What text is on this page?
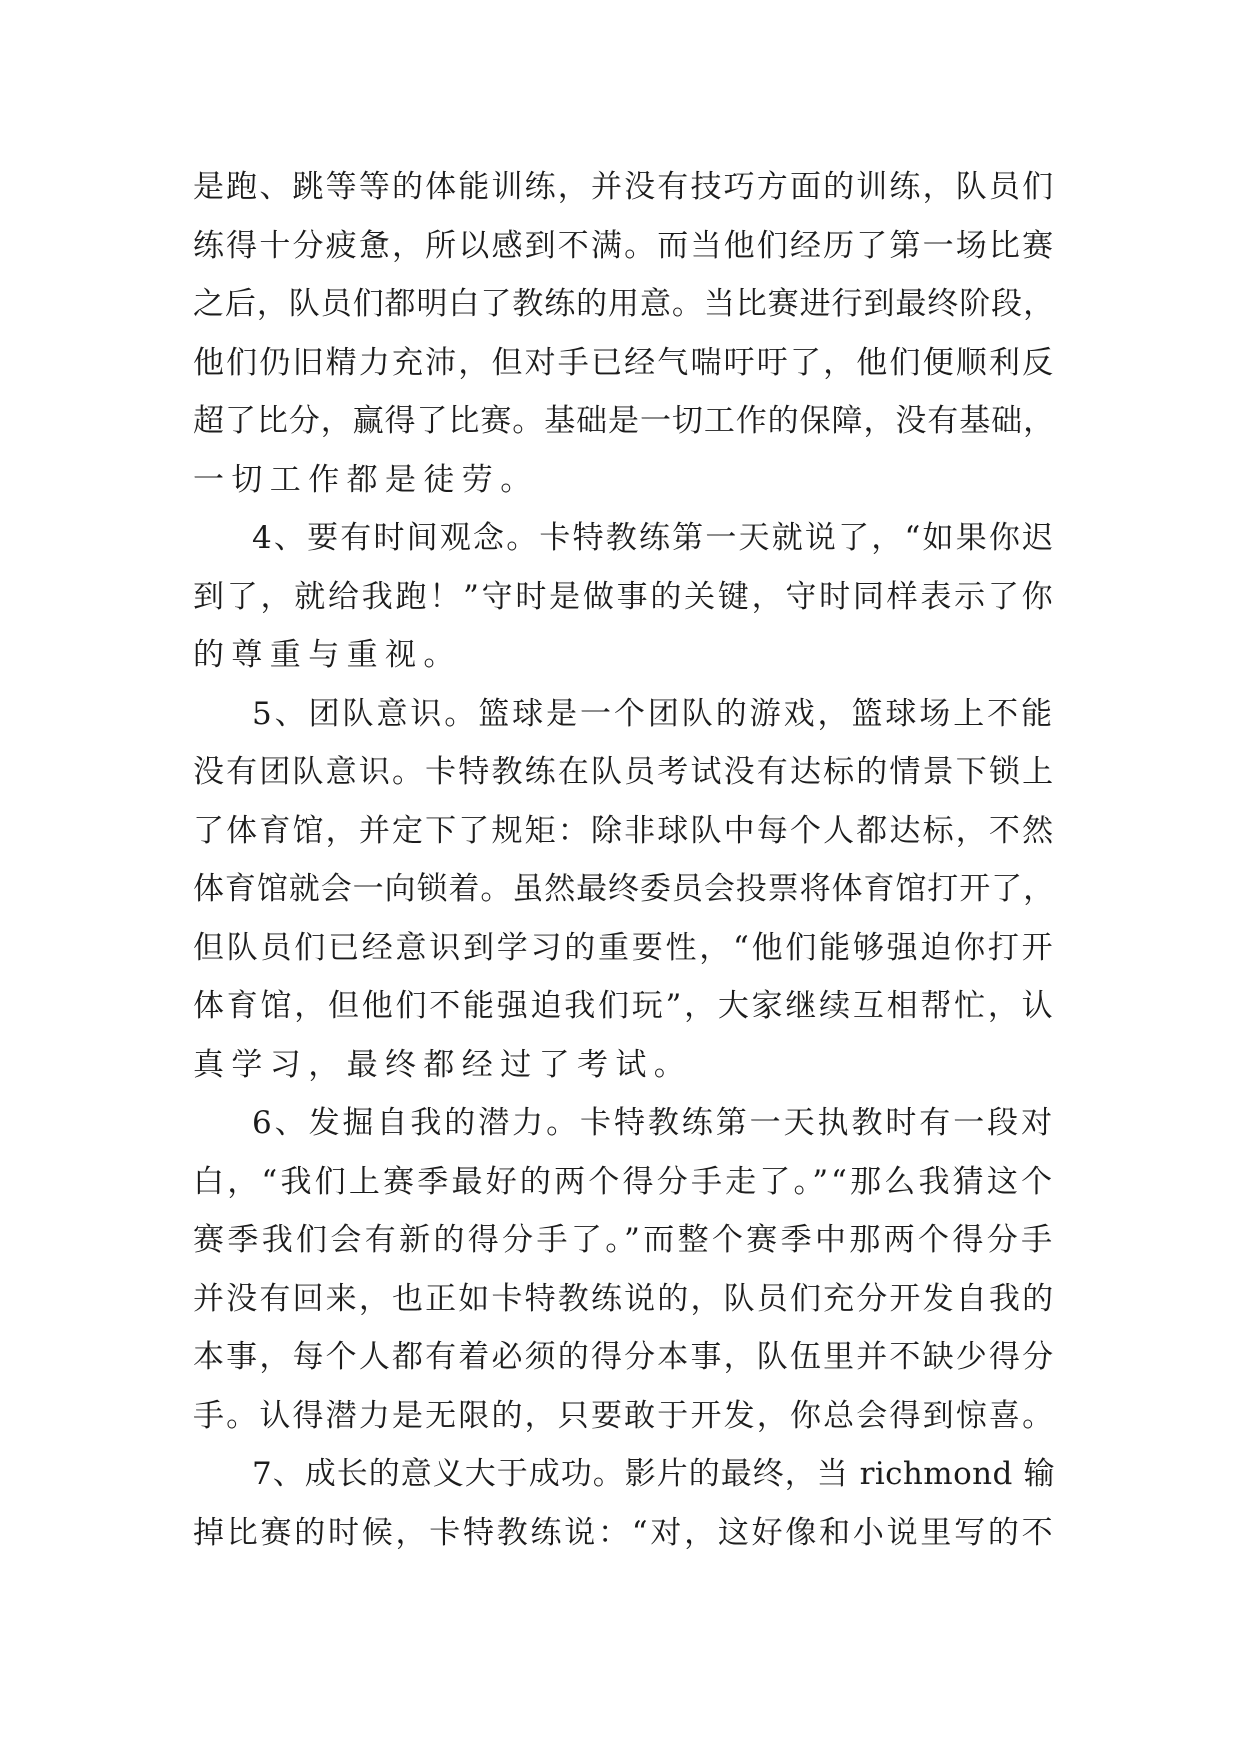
是跑、跳等等的体能训练，并没有技巧方面的训练，队员们
练得十分疲惫，所以感到不满。而当他们经历了第一场比赛
之后，队员们都明白了教练的用意。当比赛进行到最终阶段，
他们仍旧精力充沛，但对手已经气喘吁吁了，他们便顺利反
超了比分，赢得了比赛。基础是一切工作的保障，没有基础，
一切工作都是徒劳。
4、要有时间观念。卡特教练第一天就说了，“如果你迟
到了，就给我跑！”守时是做事的关键，守时同样表示了你
的尊重与重视。
5、团队意识。篮球是一个团队的游戏，篮球场上不能
没有团队意识。卡特教练在队员考试没有达标的情景下锁上
了体育馆，并定下了规矩：除非球队中每个人都达标，不然
体育馆就会一向锁着。虽然最终委员会投票将体育馆打开了，
但队员们已经意识到学习的重要性，“他们能够强迫你打开
体育馆，但他们不能强迫我们玩”，大家继续互相帮忙，认
真学习，最终都经过了考试。
6、发掘自我的潜力。卡特教练第一天执教时有一段对
白，“我们上赛季最好的两个得分手走了。”“那么我猜这个
赛季我们会有新的得分手了。”而整个赛季中那两个得分手
并没有回来，也正如卡特教练说的，队员们充分开发自我的
本事，每个人都有着必须的得分本事，队伍里并不缺少得分
手。认得潜力是无限的，只要敢于开发，你总会得到惊喜。
7、成长的意义大于成功。影片的最终，当 richmond 输
掉比赛的时候，卡特教练说：“对，这好像和小说里写的不
